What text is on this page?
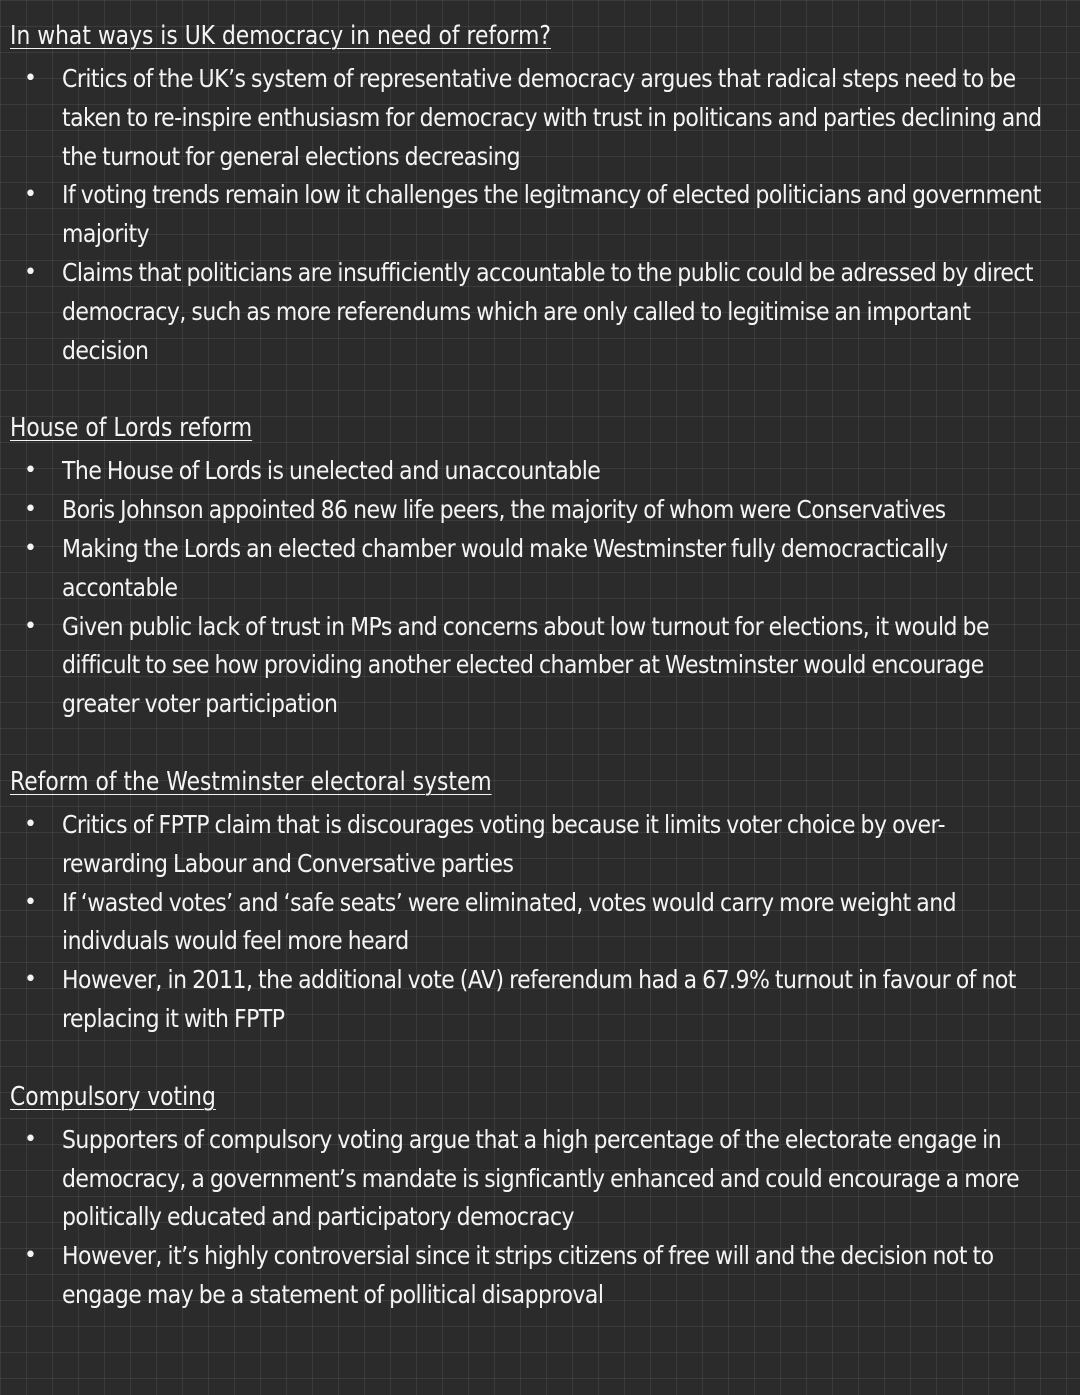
In what ways is UK democracy in need of reform?
• Critics of the UK’s system of representative democracy argues that radical steps need to be taken to re-inspire enthusiasm for democracy with trust in politicans and parties declining and the turnout for general elections decreasing
• If voting trends remain low it challenges the legitmancy of elected politicians and government majority
• Claims that politicians are insufficiently accountable to the public could be adressed by direct democracy, such as more referendums which are only called to legitimise an important decision
House of Lords reform
• The House of Lords is unelected and unaccountable
• Boris Johnson appointed 86 new life peers, the majority of whom were Conservatives
• Making the Lords an elected chamber would make Westminster fully democractically accontable
• Given public lack of trust in MPs and concerns about low turnout for elections, it would be difficult to see how providing another elected chamber at Westminster would encourage greater voter participation
Reform of the Westminster electoral system
• Critics of FPTP claim that is discourages voting because it limits voter choice by over-rewarding Labour and Conversative parties
• If ‘wasted votes’ and ‘safe seats’ were eliminated, votes would carry more weight and indivduals would feel more heard
• However, in 2011, the additional vote (AV) referendum had a 67.9% turnout in favour of not replacing it with FPTP
Compulsory voting
• Supporters of compulsory voting argue that a high percentage of the electorate engage in democracy, a government’s mandate is signficantly enhanced and could encourage a more politically educated and participatory democracy
• However, it’s highly controversial since it strips citizens of free will and the decision not to engage may be a statement of pollitical disapproval
